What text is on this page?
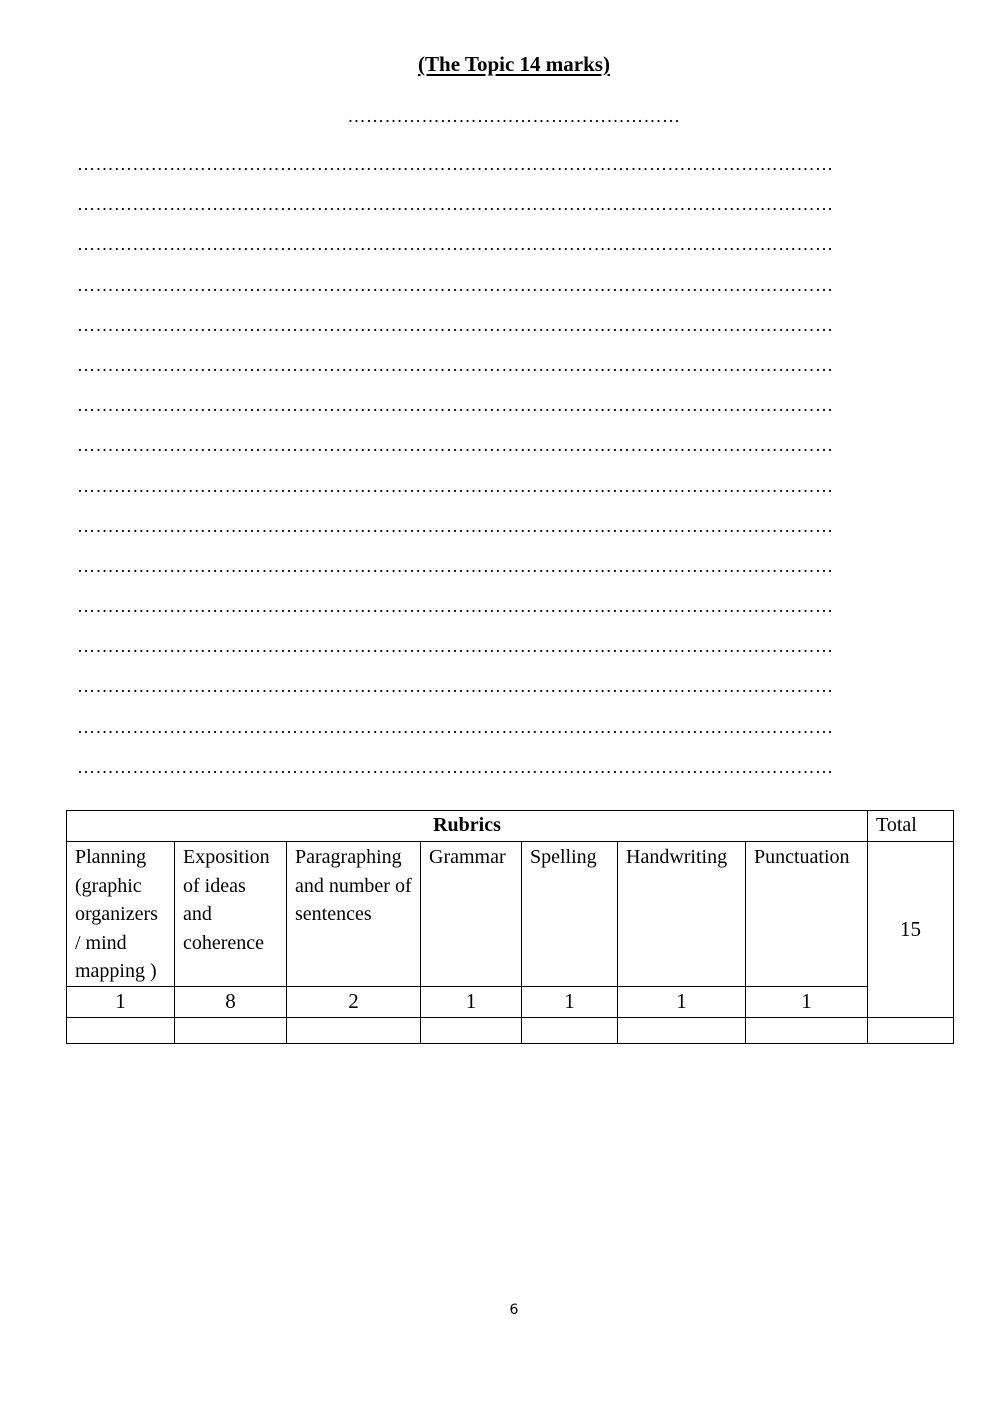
(The Topic 14 marks)
………………………………………………
……………………………………………………………………………………………………………
……………………………………………………………………………………………………………
……………………………………………………………………………………………………………
……………………………………………………………………………………………………………
……………………………………………………………………………………………………………
……………………………………………………………………………………………………………
……………………………………………………………………………………………………………
……………………………………………………………………………………………………………
……………………………………………………………………………………………………………
……………………………………………………………………………………………………………
……………………………………………………………………………………………………………
……………………………………………………………………………………………………………
……………………………………………………………………………………………………………
……………………………………………………………………………………………………………
……………………………………………………………………………………………………………
……………………………………………………………………………………………………………
Rubrics							Total
Planning (graphic organizers / mind mapping )	Exposition of ideas and coherence	Paragraphing and number of sentences	Grammar	Spelling	Handwriting	Punctuation	15
1	8	2	1	1	1	1	

6
